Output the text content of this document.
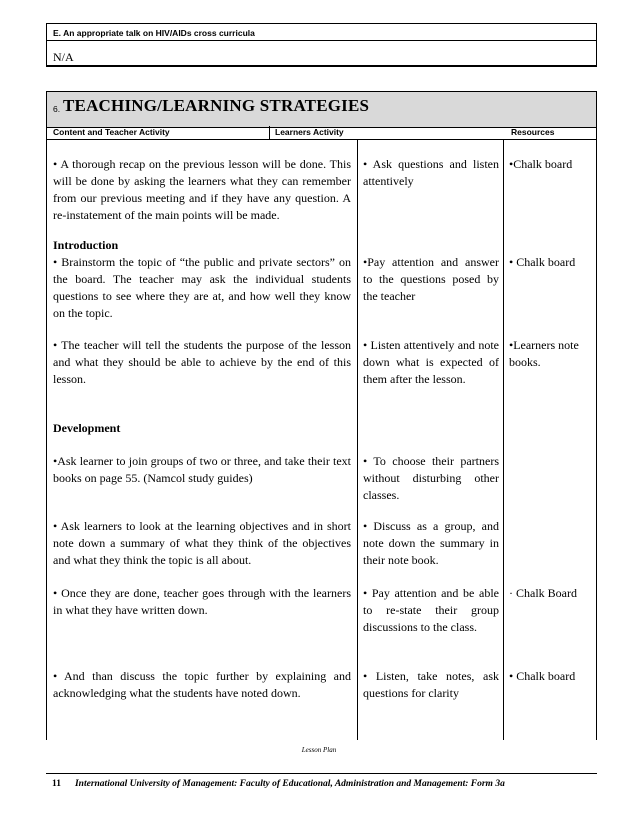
E. An appropriate talk on HIV/AIDs cross curricula
N/A
6. TEACHING/LEARNING STRATEGIES
Content and Teacher Activity	Learners Activity	Resources
• A thorough recap on the previous lesson will be done. This will be done by asking the learners what they can remember from our previous meeting and if they have any question. A re-instatement of the main points will be made.
• Ask questions and listen attentively
•Chalk board
Introduction
• Brainstorm the topic of “the public and private sectors” on the board. The teacher may ask the individual students questions to see where they are at, and how well they know on the topic.
•Pay attention and answer to the questions posed by the teacher
• Chalk board
• The teacher will tell the students the purpose of the lesson and what they should be able to achieve by the end of this lesson.
• Listen attentively and note down what is expected of them after the lesson.
•Learners note books.
Development
•Ask learner to join groups of two or three, and take their text books on page 55. (Namcol study guides)
• To choose their partners without disturbing other classes.
• Ask learners to look at the learning objectives and in short note down a summary of what they think of the objectives and what they think the topic is all about.
• Discuss as a group, and note down the summary in their note book.
• Once they are done, teacher goes through with the learners in what they have written down.
• Pay attention and be able to re-state their group discussions to the class.
· Chalk Board
• And than discuss the topic further by explaining and acknowledging what the students have noted down.
• Listen, take notes, ask questions for clarity
• Chalk board
Lesson Plan
11 International University of Management: Faculty of Educational, Administration and Management: Form 3a
